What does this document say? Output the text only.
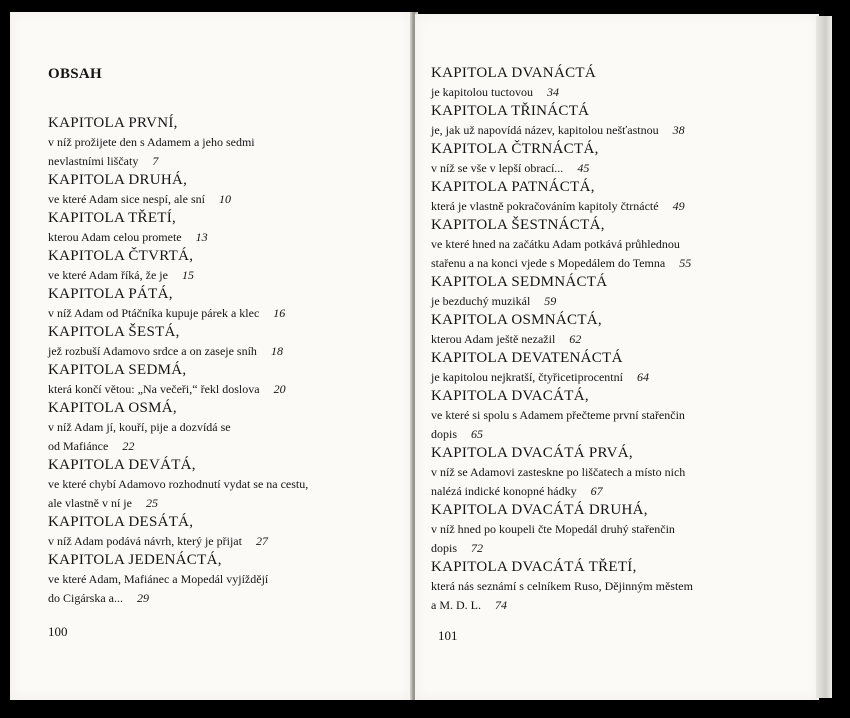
OBSAH
KAPITOLA PRVNÍ,
v níž prožijete den s Adamem a jeho sedmi
nevlastními liščaty 7
KAPITOLA DRUHÁ,
ve které Adam sice nespí, ale sní 10
KAPITOLA TŘETÍ,
kterou Adam celou promete 13
KAPITOLA ČTVRTÁ,
ve které Adam říká, že je 15
KAPITOLA PÁTÁ,
v níž Adam od Ptáčníka kupuje párek a klec 16
KAPITOLA ŠESTÁ,
jež rozbuší Adamovo srdce a on zaseje sníh 18
KAPITOLA SEDMÁ,
která končí větou: „Na večeři,“ řekl doslova 20
KAPITOLA OSMÁ,
v níž Adam jí, kouří, pije a dozvídá se
od Mafiánce 22
KAPITOLA DEVÁTÁ,
ve které chybí Adamovo rozhodnutí vydat se na cestu,
ale vlastně v ní je 25
KAPITOLA DESÁTÁ,
v níž Adam podává návrh, který je přijat 27
KAPITOLA JEDENÁCTÁ,
ve které Adam, Mafiánec a Mopedál vyjíždějí
do Cigárska a... 29
100
KAPITOLA DVANÁCTÁ
je kapitolou tuctovou 34
KAPITOLA TŘINÁCTÁ
je, jak už napovídá název, kapitolou nešťastnou 38
KAPITOLA ČTRNÁCTÁ,
v níž se vše v lepší obrací... 45
KAPITOLA PATNÁCTÁ,
která je vlastně pokračováním kapitoly čtrnácté 49
KAPITOLA ŠESTNÁCTÁ,
ve které hned na začátku Adam potkává průhlednou
stařenu a na konci vjede s Mopedálem do Temna 55
KAPITOLA SEDMNÁCTÁ
je bezduchý muzikál 59
KAPITOLA OSMNÁCTÁ,
kterou Adam ještě nezažil 62
KAPITOLA DEVATENÁCTÁ
je kapitolou nejkratší, čtyřicetiprocentní 64
KAPITOLA DVACÁTÁ,
ve které si spolu s Adamem přečteme první stařenčin
dopis 65
KAPITOLA DVACÁTÁ PRVÁ,
v níž se Adamovi zasteskne po liščatech a místo nich
nalézá indické konopné hádky 67
KAPITOLA DVACÁTÁ DRUHÁ,
v níž hned po koupeli čte Mopedál druhý stařenčin
dopis 72
KAPITOLA DVACÁTÁ TŘETÍ,
která nás seznámí s celníkem Ruso, Dějinným městem
a M. D. L. 74
101
